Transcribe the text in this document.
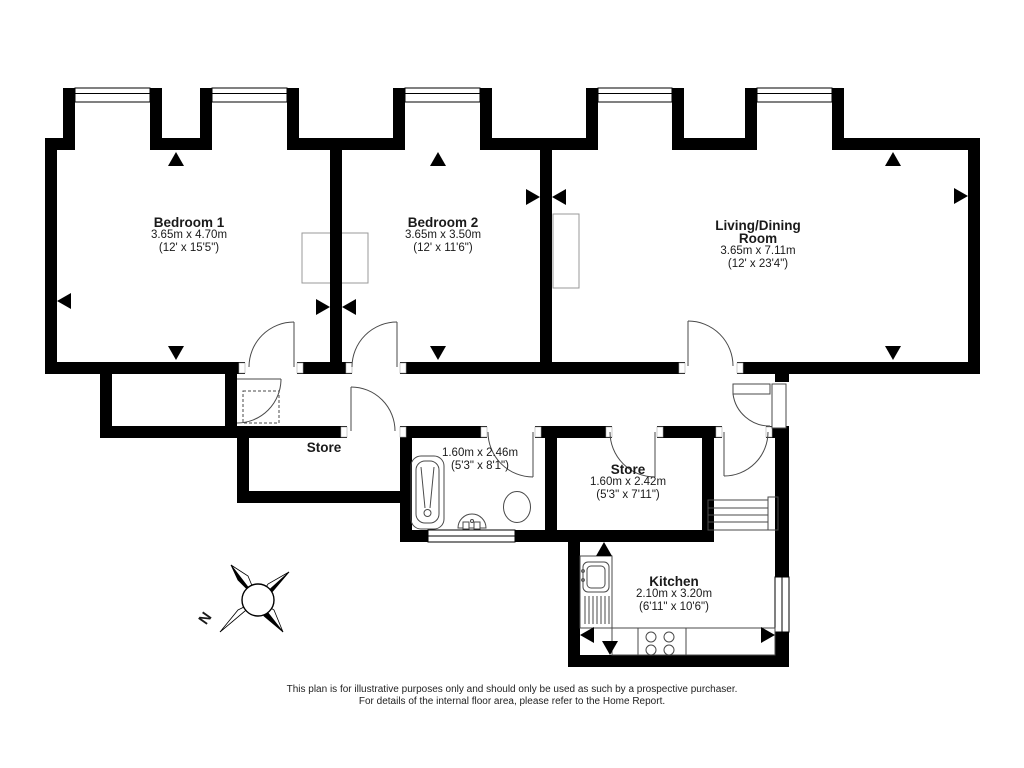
Bedroom 1
3.65m x 4.70m
(12' x 15'5")
Bedroom 2
3.65m x 3.50m
(12' x 11'6")
Living/Dining
Room
3.65m x 7.11m
(12' x 23'4")
Store	1.60m x 2.46m
(5'3" x 8'1")	Store
1.60m x 2.42m
(5'3" x 7'11")
Kitchen
2.10m x 3.20m
(6'11" x 10'6")
N
This plan is for illustrative purposes only and should only be used as such by a prospective purchaser.
For details of the internal floor area, please refer to the Home Report.
